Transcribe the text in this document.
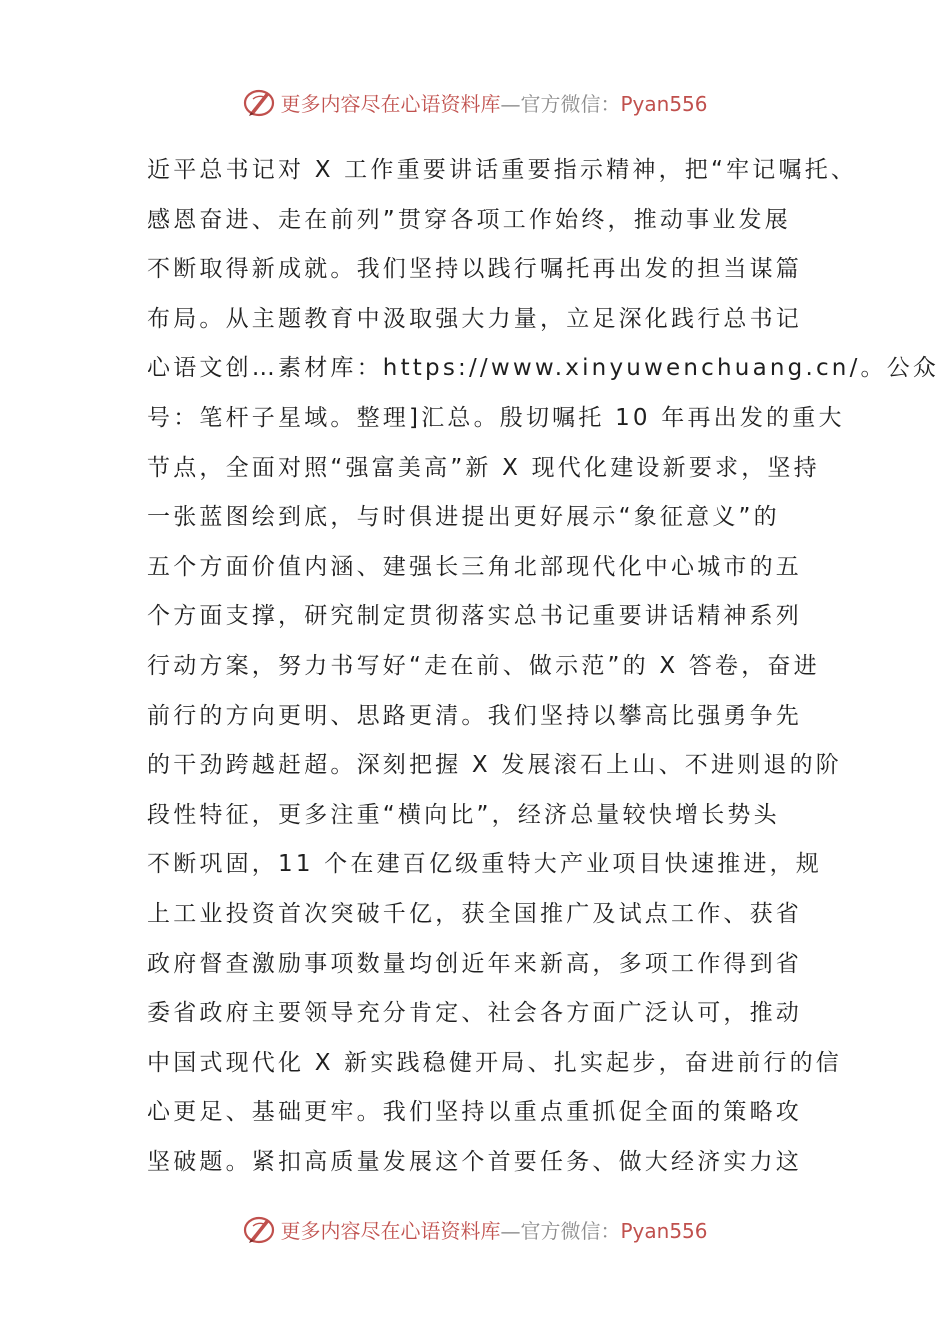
更多内容尽在心语资料库—官方微信：Pyan556
近平总书记对 X 工作重要讲话重要指示精神，把“牢记嘱托、
感恩奋进、走在前列”贯穿各项工作始终，推动事业发展
不断取得新成就。我们坚持以践行嘱托再出发的担当谋篇
布局。从主题教育中汲取强大力量，立足深化践行总书记
心语文创…素材库：https://www.xinyuwenchuang.cn/。公众
号：笔杆子星域。整理]汇总。殷切嘱托 10 年再出发的重大
节点，全面对照“强富美高”新 X 现代化建设新要求，坚持
一张蓝图绘到底，与时俱进提出更好展示“象征意义”的
五个方面价值内涵、建强长三角北部现代化中心城市的五
个方面支撑，研究制定贯彻落实总书记重要讲话精神系列
行动方案，努力书写好“走在前、做示范”的 X 答卷，奋进
前行的方向更明、思路更清。我们坚持以攀高比强勇争先
的干劲跨越赶超。深刻把握 X 发展滚石上山、不进则退的阶
段性特征，更多注重“横向比”，经济总量较快增长势头
不断巩固，11 个在建百亿级重特大产业项目快速推进，规
上工业投资首次突破千亿，获全国推广及试点工作、获省
政府督查激励事项数量均创近年来新高，多项工作得到省
委省政府主要领导充分肯定、社会各方面广泛认可，推动
中国式现代化 X 新实践稳健开局、扎实起步，奋进前行的信
心更足、基础更牢。我们坚持以重点重抓促全面的策略攻
坚破题。紧扣高质量发展这个首要任务、做大经济实力这
更多内容尽在心语资料库—官方微信：Pyan556
